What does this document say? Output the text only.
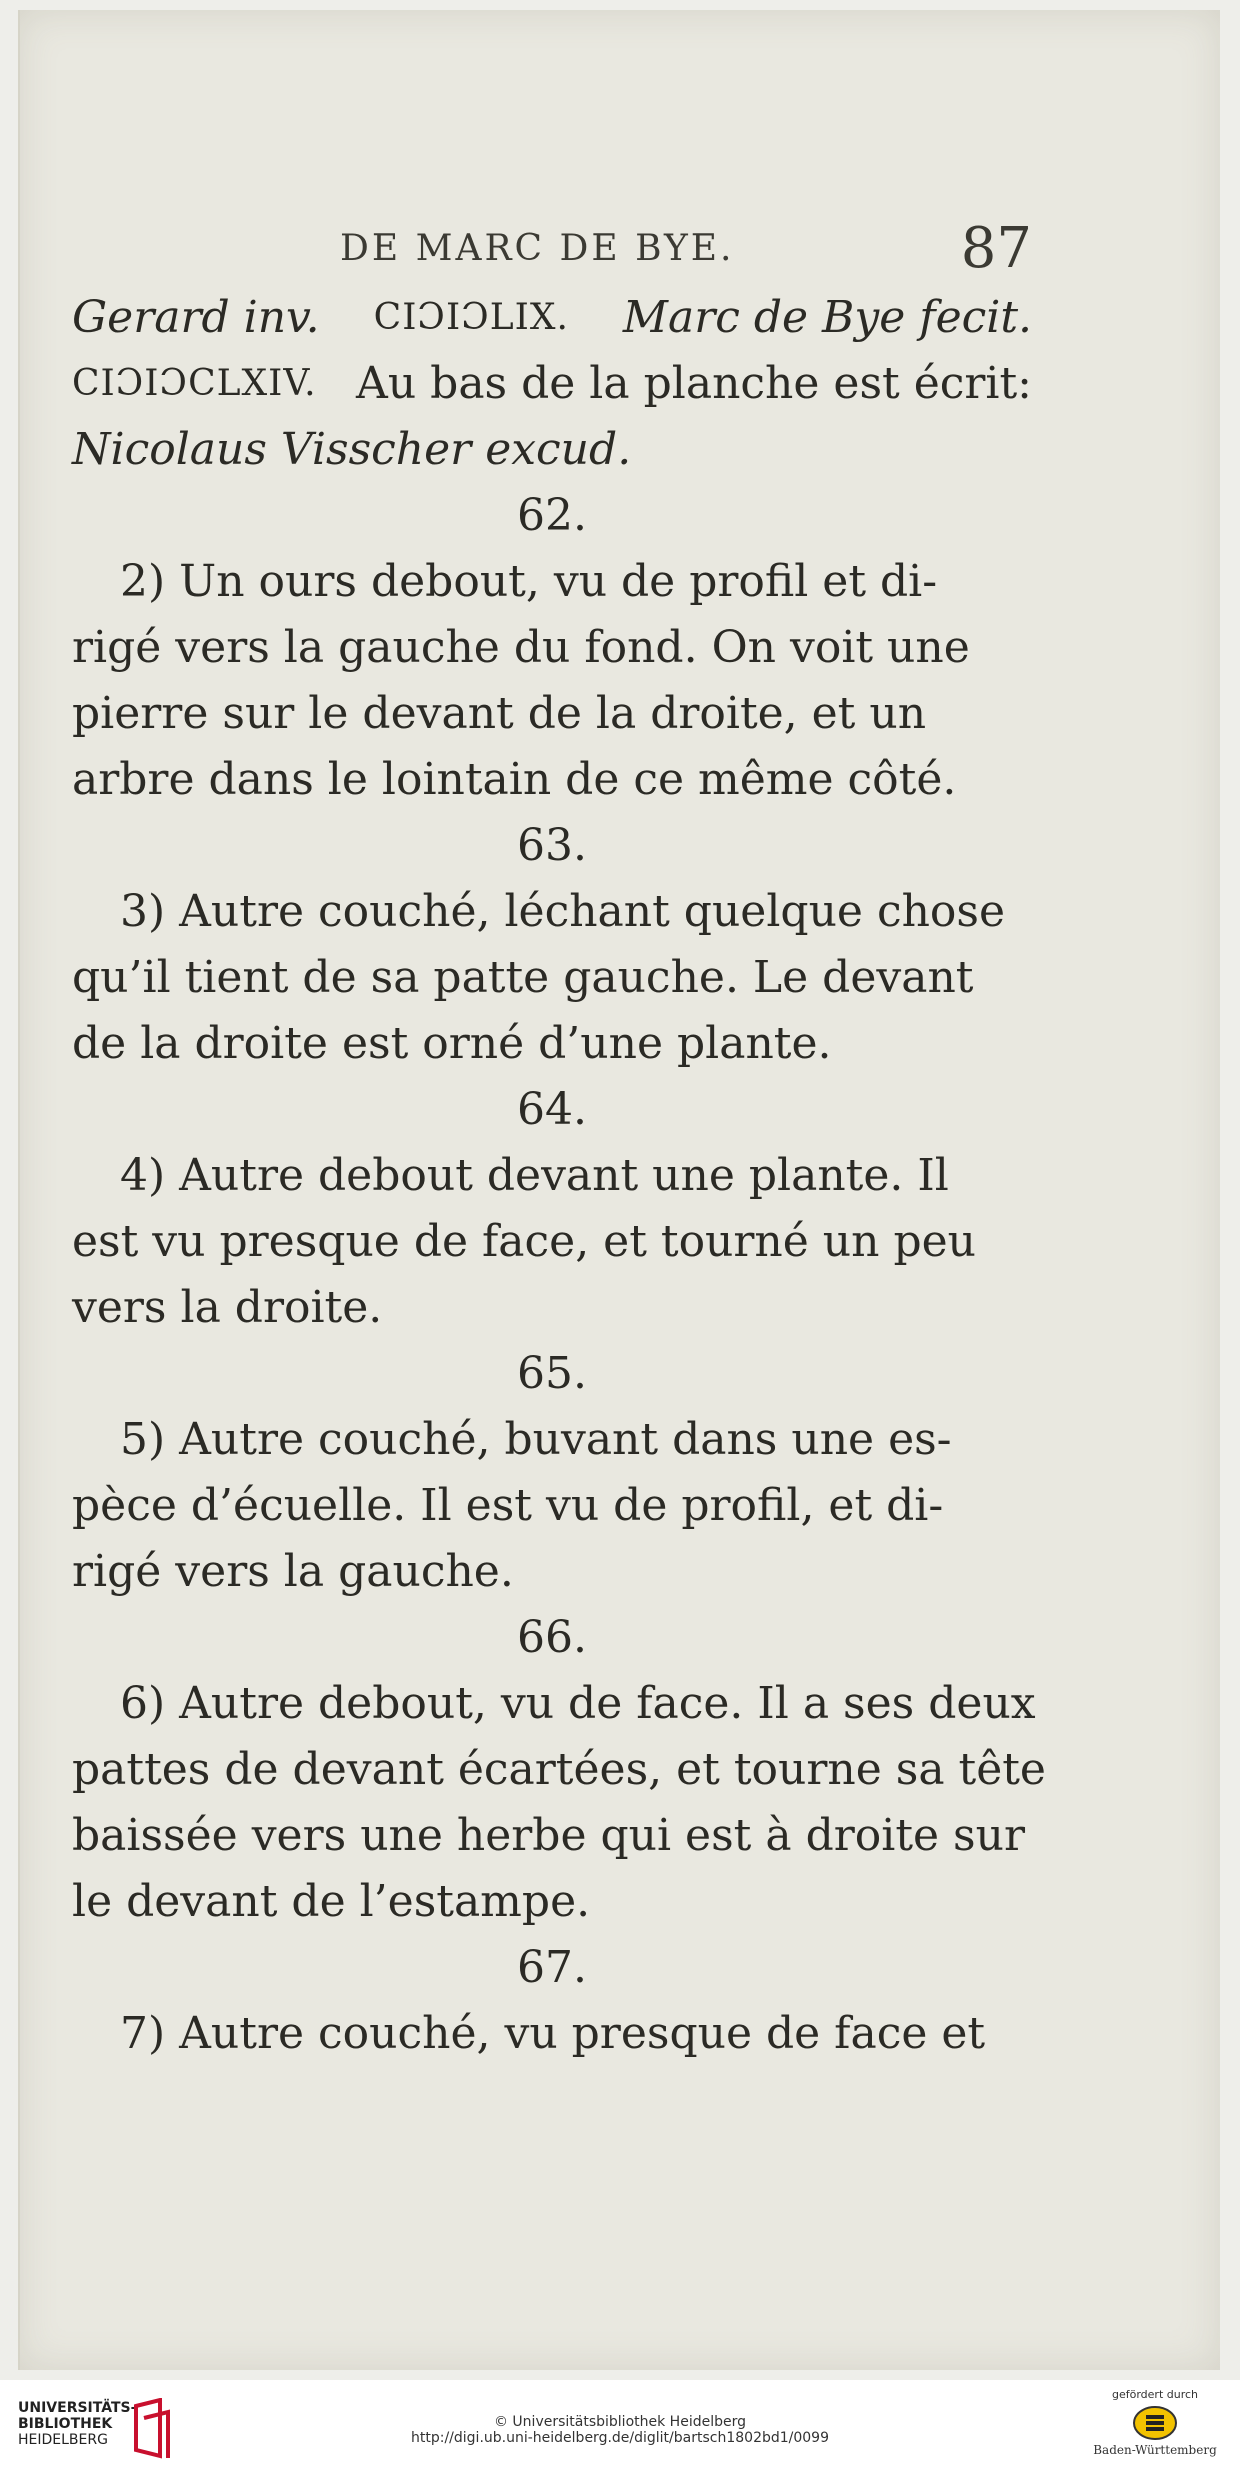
DE MARC DE BYE.	87
Gerard inv. CIƆIƆLIX. Marc de Bye fecit.
CIƆIƆCLXIV. Au bas de la planche est écrit:
Nicolaus Visscher excud.
62.
2) Un ours debout, vu de profil et di-
rigé vers la gauche du fond. On voit une
pierre sur le devant de la droite, et un
arbre dans le lointain de ce même côté.
63.
3) Autre couché, léchant quelque chose
qu’il tient de sa patte gauche. Le devant
de la droite est orné d’une plante.
64.
4) Autre debout devant une plante. Il
est vu presque de face, et tourné un peu
vers la droite.
65.
5) Autre couché, buvant dans une es-
pèce d’écuelle. Il est vu de profil, et di-
rigé vers la gauche.
66.
6) Autre debout, vu de face. Il a ses deux
pattes de devant écartées, et tourne sa tête
baissée vers une herbe qui est à droite sur
le devant de l’estampe.
67.
7) Autre couché, vu presque de face et
UNIVERSITÄTS-
BIBLIOTHEK
HEIDELBERG
© Universitätsbibliothek Heidelberg
http://digi.ub.uni-heidelberg.de/diglit/bartsch1802bd1/0099
gefördert durch
Baden-Württemberg
